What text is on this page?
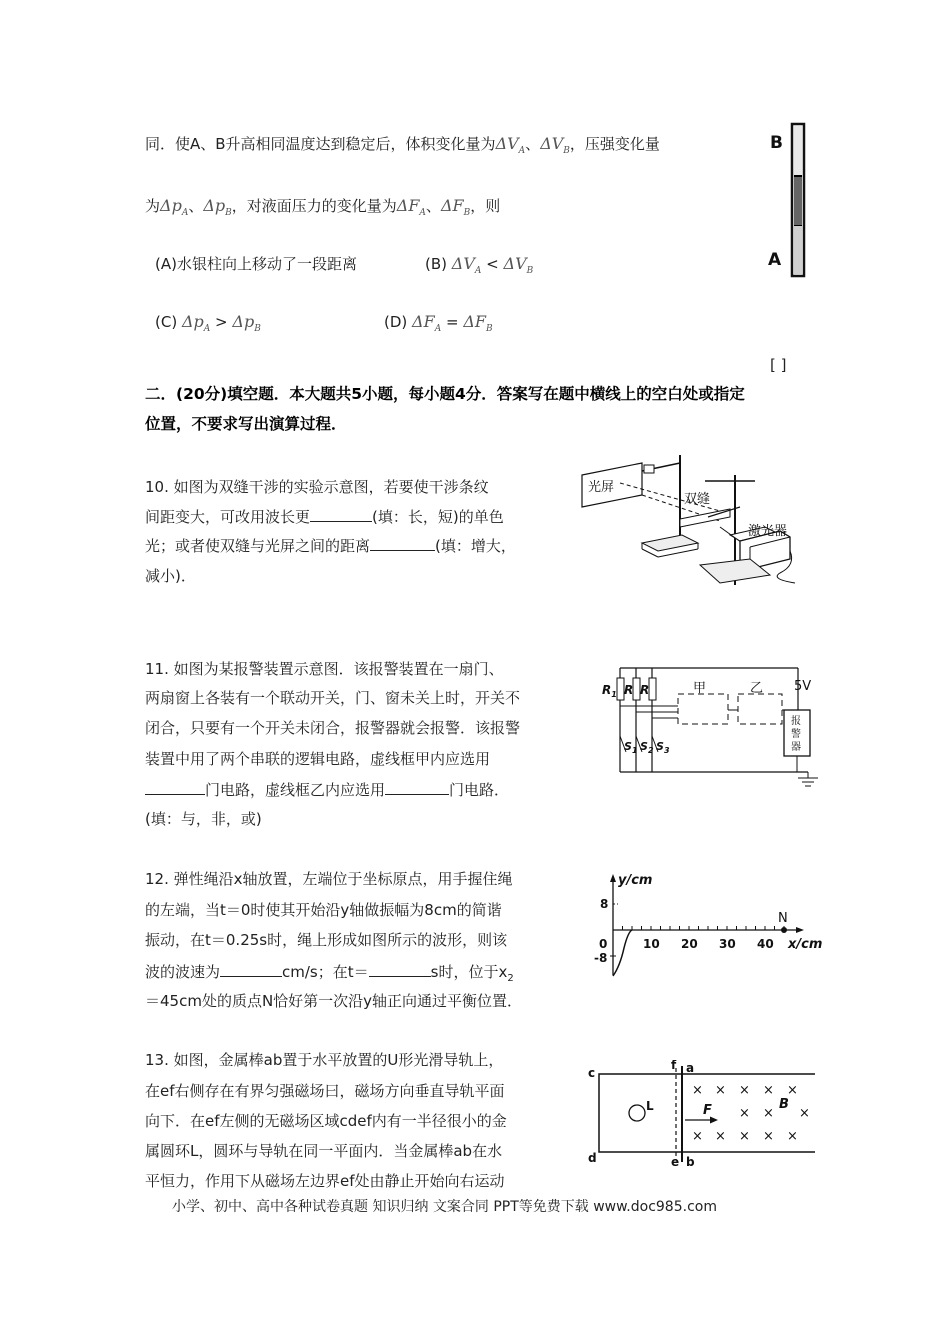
同．使A、B升高相同温度达到稳定后，体积变化量为$\Delta V_A$、$\Delta V_B$，压强变化量
为$\Delta p_A$、$\Delta p_B$，对液面压力的变化量为$\Delta F_A$、$\Delta F_B$，则
(A)水银柱向上移动了一段距离	(B) $\Delta V_A < \Delta V_B$
(C) $\Delta p_A > \Delta p_B$	(D) $\Delta F_A = \Delta F_B$
[ ]
B
A
二．(20分)填空题．本大题共5小题，每小题4分．答案写在题中横线上的空白处或指定
位置，不要求写出演算过程．
10. 如图为双缝干涉的实验示意图，若要使干涉条纹
间距变大，可改用波长更	(填：长，短)的单色
光；或者使双缝与光屏之间的距离	(填：增大，
减小)．
光屏
双缝
激光器
11. 如图为某报警装置示意图．该报警装置在一扇门、
两扇窗上各装有一个联动开关，门、窗未关上时，开关不
闭合，只要有一个开关未闭合，报警器就会报警．该报警
装置中用了两个串联的逻辑电路，虚线框甲内应选用
门电路，虚线框乙内应选用	门电路．
(填：与，非，或)
5V
$R_1$ R R	甲	乙
报
警
器
$S_1$ $S_2$ $S_3$
12. 弹性绳沿x轴放置，左端位于坐标原点，用手握住绳
的左端，当t＝0时使其开始沿y轴做振幅为8cm的简谐
振动，在t＝0.25s时，绳上形成如图所示的波形，则该
波的波速为	cm/s；在t＝	s时，位于$x_2$
＝45cm处的质点N恰好第一次沿y轴正向通过平衡位置．
y/cm
x/cm
8
-8
0	10 20 30 40
N
13. 如图，金属棒ab置于水平放置的U形光滑导轨上，
在ef右侧存在有界匀强磁场曰，磁场方向垂直导轨平面
向下．在ef左侧的无磁场区域cdef内有一半径很小的金
属圆环L，圆环与导轨在同一平面内．当金属棒ab在水
平恒力，作用下从磁场左边界ef处由静止开始向右运动
c
d
f
e
a
b
L	F	B
× × × × ×
× × ×
× × × × ×
小学、初中、高中各种试卷真题 知识归纳 文案合同 PPT等免费下载 www.doc985.com
